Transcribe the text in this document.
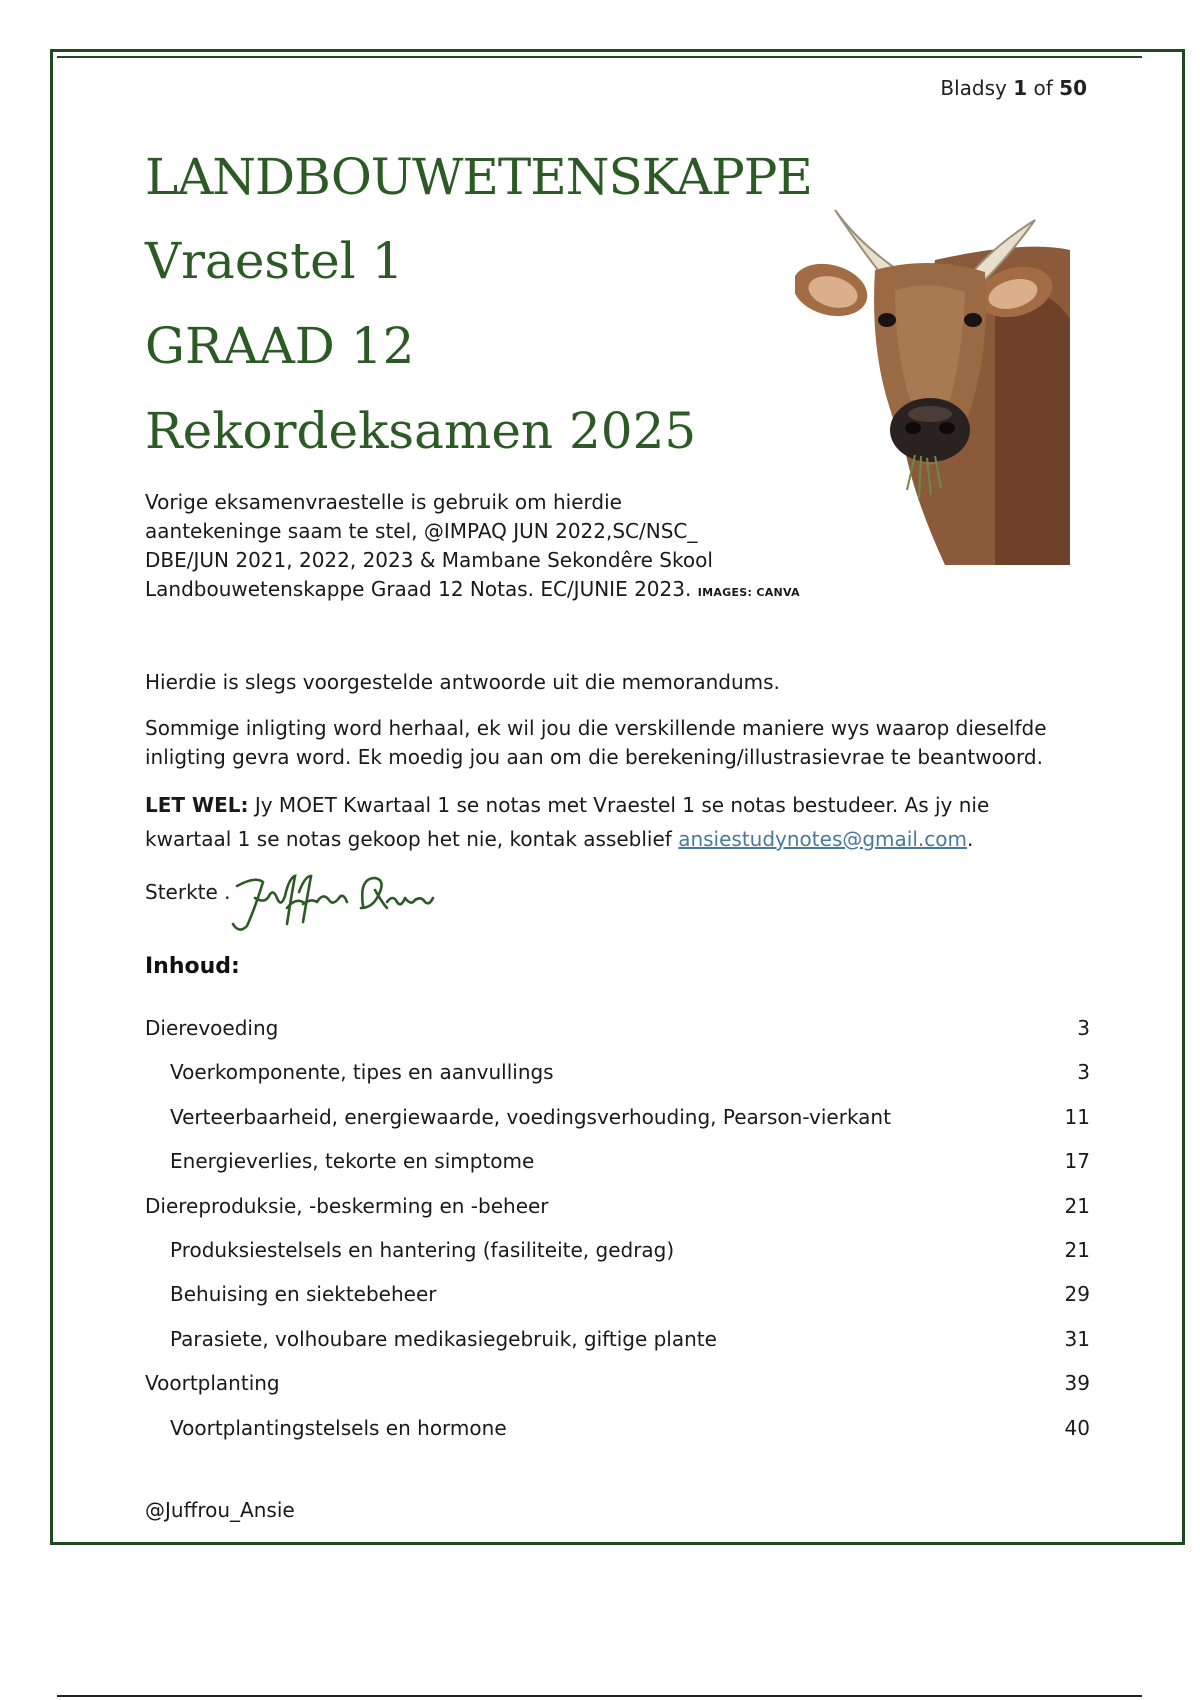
Bladsy 1 of 50
LANDBOUWETENSKAPPE
Vraestel 1
GRAAD 12
Rekordeksamen 2025
Vorige eksamenvraestelle is gebruik om hierdie
aantekeninge saam te stel, @IMPAQ JUN 2022,SC/NSC_
DBE/JUN 2021, 2022, 2023 & Mambane Sekondêre Skool
Landbouwetenskappe Graad 12 Notas. EC/JUNIE 2023. IMAGES: CANVA
Hierdie is slegs voorgestelde antwoorde uit die memorandums.
Sommige inligting word herhaal, ek wil jou die verskillende maniere wys waarop dieselfde
inligting gevra word. Ek moedig jou aan om die berekening/illustrasievrae te beantwoord.
LET WEL: Jy MOET Kwartaal 1 se notas met Vraestel 1 se notas bestudeer. As jy nie
kwartaal 1 se notas gekoop het nie, kontak asseblief ansiestudynotes@gmail.com.
Sterkte .
Inhoud:
Dierevoeding	3
Voerkomponente, tipes en aanvullings	3
Verteerbaarheid, energiewaarde, voedingsverhouding, Pearson-vierkant	11
Energieverlies, tekorte en simptome	17
Diereproduksie, -beskerming en -beheer	21
Produksiestelsels en hantering (fasiliteite, gedrag)	21
Behuising en siektebeheer	29
Parasiete, volhoubare medikasiegebruik, giftige plante	31
Voortplanting	39
Voortplantingstelsels en hormone	40
@Juffrou_Ansie
